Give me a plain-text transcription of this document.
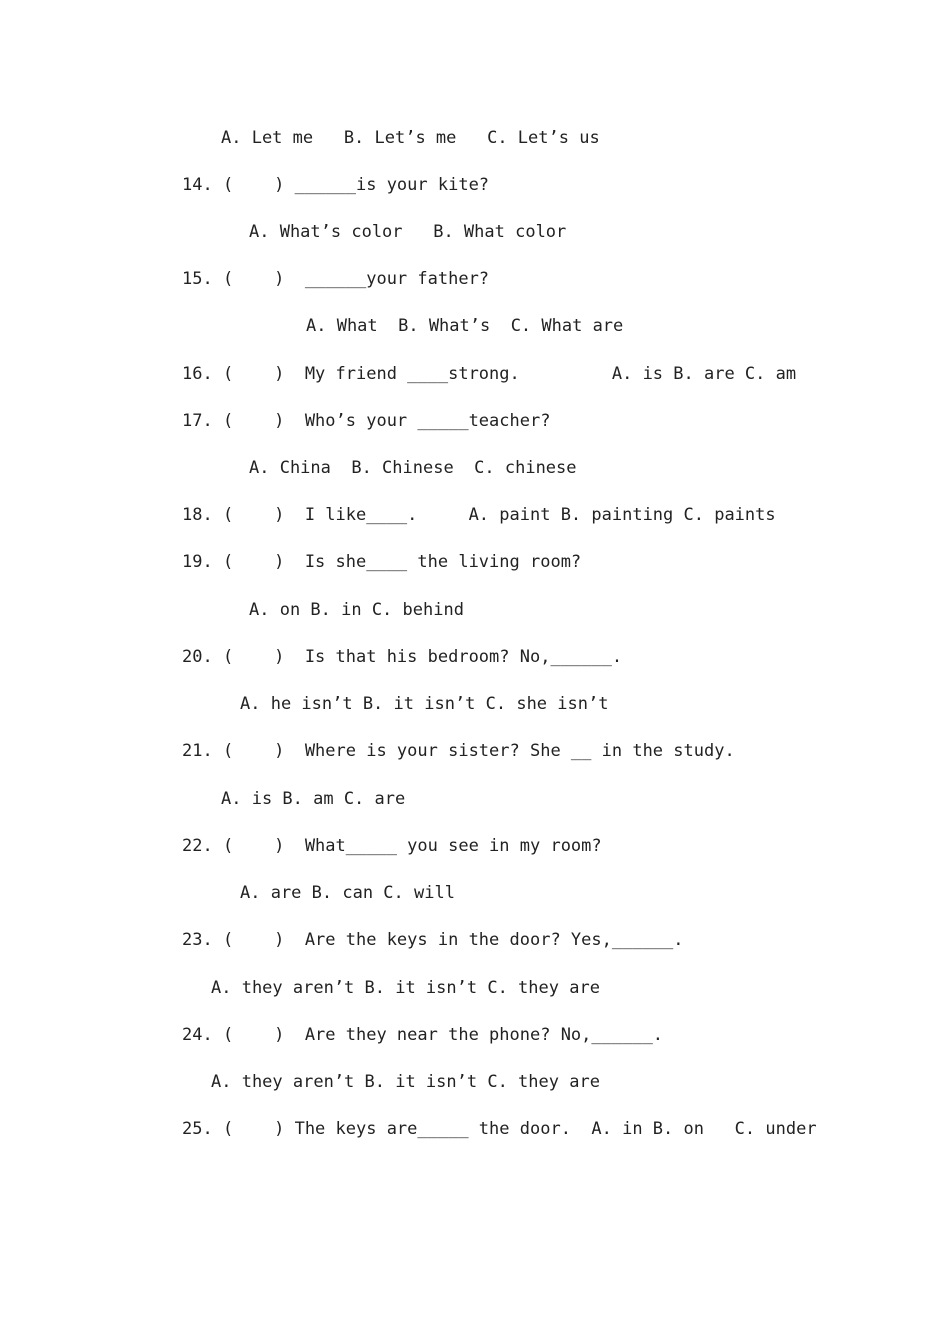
A. Let me   B. Let’s me   C. Let’s us
14. (    ) ______is your kite?
A. What’s color   B. What color
15. (    )  ______your father?
A. What  B. What’s  C. What are
16. (    )  My friend ____strong.         A. is B. are C. am
17. (    )  Who’s your _____teacher?
A. China  B. Chinese  C. chinese
18. (    )  I like____.     A. paint B. painting C. paints
19. (    )  Is she____ the living room?
A. on B. in C. behind
20. (    )  Is that his bedroom? No,______.
A. he isn’t B. it isn’t C. she isn’t
21. (    )  Where is your sister? She __ in the study.
A. is B. am C. are
22. (    )  What_____ you see in my room?
A. are B. can C. will
23. (    )  Are the keys in the door? Yes,______.
A. they aren’t B. it isn’t C. they are
24. (    )  Are they near the phone? No,______.
A. they aren’t B. it isn’t C. they are
25. (    ) The keys are_____ the door.  A. in B. on   C. under
